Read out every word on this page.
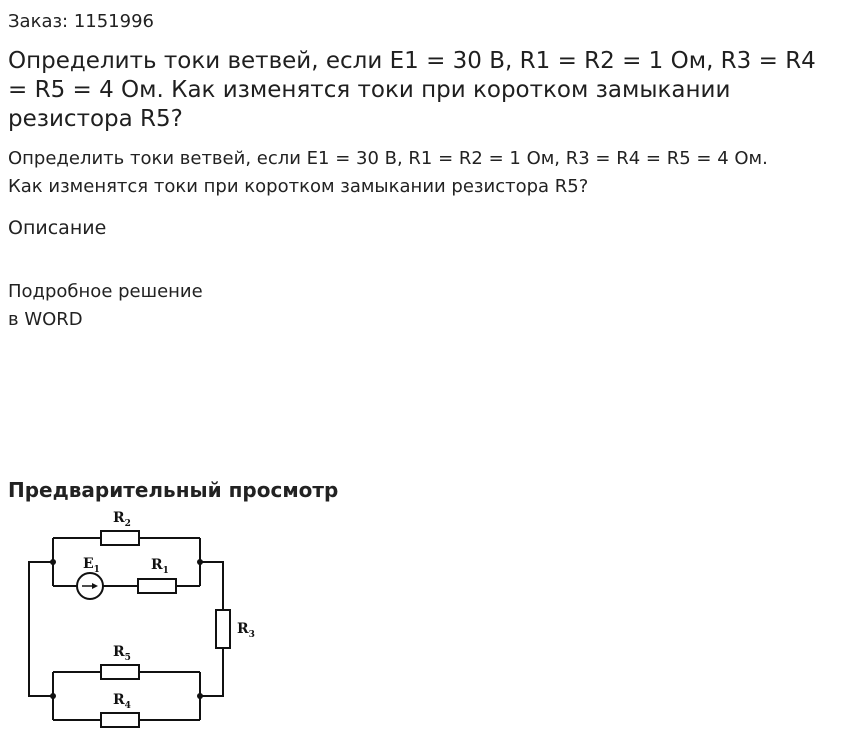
Заказ: 1151996
Определить токи ветвей, если E1 = 30 В, R1 = R2 = 1 Ом, R3 = R4 = R5 = 4 Ом. Как изменятся токи при коротком замыкании резистора R5?
Определить токи ветвей, если E1 = 30 В, R1 = R2 = 1 Ом, R3 = R4 = R5 = 4 Ом.
Как изменятся токи при коротком замыкании резистора R5?
Описание
Подробное решение
в WORD
Предварительный просмотр
$R_2$
$E_1$	$R_1$
$R_3$
$R_5$
$R_4$
